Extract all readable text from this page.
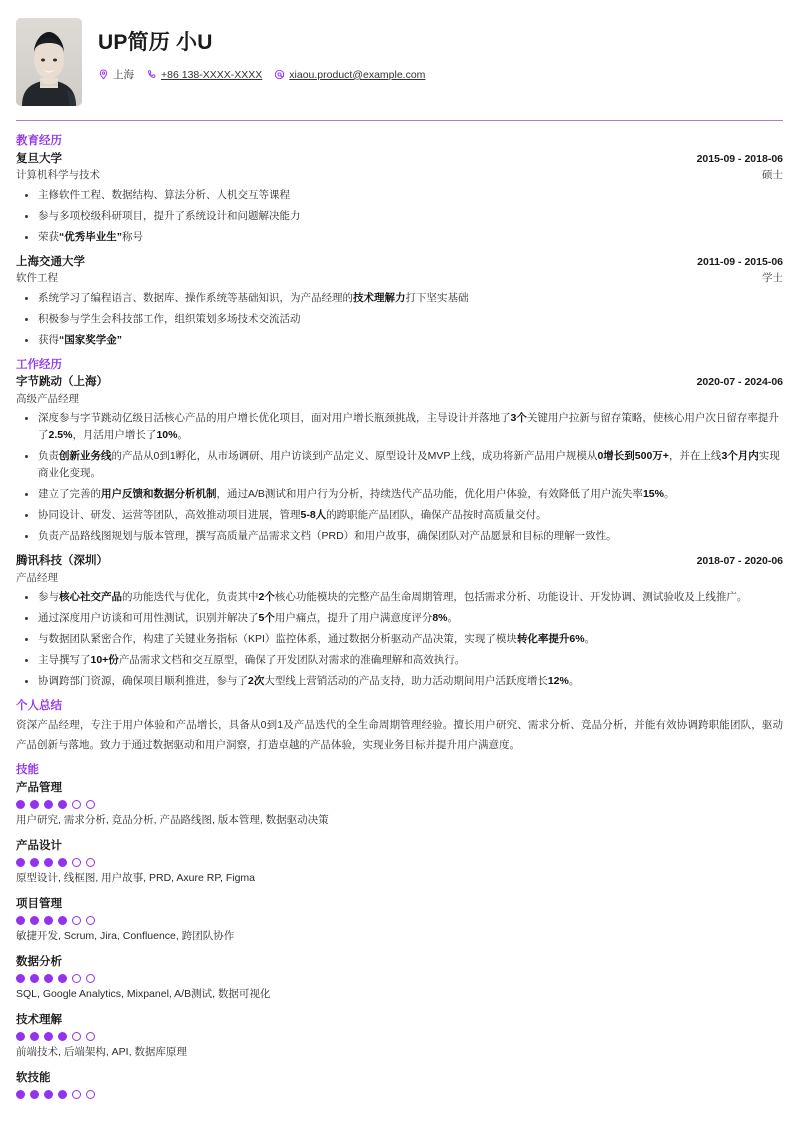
UP简历 小U
上海	+86 138-XXXX-XXXX	xiaou.product@example.com
教育经历
复旦大学	2015-09 - 2018-06
计算机科学与技术	硕士
主修软件工程、数据结构、算法分析、人机交互等课程
参与多项校级科研项目，提升了系统设计和问题解决能力
荣获“优秀毕业生”称号
上海交通大学	2011-09 - 2015-06
软件工程	学士
系统学习了编程语言、数据库、操作系统等基础知识，为产品经理的技术理解力打下坚实基础
积极参与学生会科技部工作，组织策划多场技术交流活动
获得“国家奖学金”
工作经历
字节跳动（上海）	2020-07 - 2024-06
高级产品经理
深度参与字节跳动亿级日活核心产品的用户增长优化项目，面对用户增长瓶颈挑战，主导设计并落地了3个关键用户拉新与留存策略，使核心用户次日留存率提升了2.5%，月活用户增长了10%。
负责创新业务线的产品从0到1孵化，从市场调研、用户访谈到产品定义、原型设计及MVP上线，成功将新产品用户规模从0增长到500万+，并在上线3个月内实现商业化变现。
建立了完善的用户反馈和数据分析机制，通过A/B测试和用户行为分析，持续迭代产品功能，优化用户体验，有效降低了用户流失率15%。
协同设计、研发、运营等团队，高效推动项目进展，管理5-8人的跨职能产品团队，确保产品按时高质量交付。
负责产品路线图规划与版本管理，撰写高质量产品需求文档（PRD）和用户故事，确保团队对产品愿景和目标的理解一致性。
腾讯科技（深圳）	2018-07 - 2020-06
产品经理
参与核心社交产品的功能迭代与优化，负责其中2个核心功能模块的完整产品生命周期管理，包括需求分析、功能设计、开发协调、测试验收及上线推广。
通过深度用户访谈和可用性测试，识别并解决了5个用户痛点，提升了用户满意度评分8%。
与数据团队紧密合作，构建了关键业务指标（KPI）监控体系，通过数据分析驱动产品决策，实现了模块转化率提升6%。
主导撰写了10+份产品需求文档和交互原型，确保了开发团队对需求的准确理解和高效执行。
协调跨部门资源，确保项目顺利推进，参与了2次大型线上营销活动的产品支持，助力活动期间用户活跃度增长12%。
个人总结
资深产品经理，专注于用户体验和产品增长，具备从0到1及产品迭代的全生命周期管理经验。擅长用户研究、需求分析、竞品分析，并能有效协调跨职能团队，驱动产品创新与落地。致力于通过数据驱动和用户洞察，打造卓越的产品体验，实现业务目标并提升用户满意度。
技能
产品管理
用户研究, 需求分析, 竞品分析, 产品路线图, 版本管理, 数据驱动决策
产品设计
原型设计, 线框图, 用户故事, PRD, Axure RP, Figma
项目管理
敏捷开发, Scrum, Jira, Confluence, 跨团队协作
数据分析
SQL, Google Analytics, Mixpanel, A/B测试, 数据可视化
技术理解
前端技术, 后端架构, API, 数据库原理
软技能
